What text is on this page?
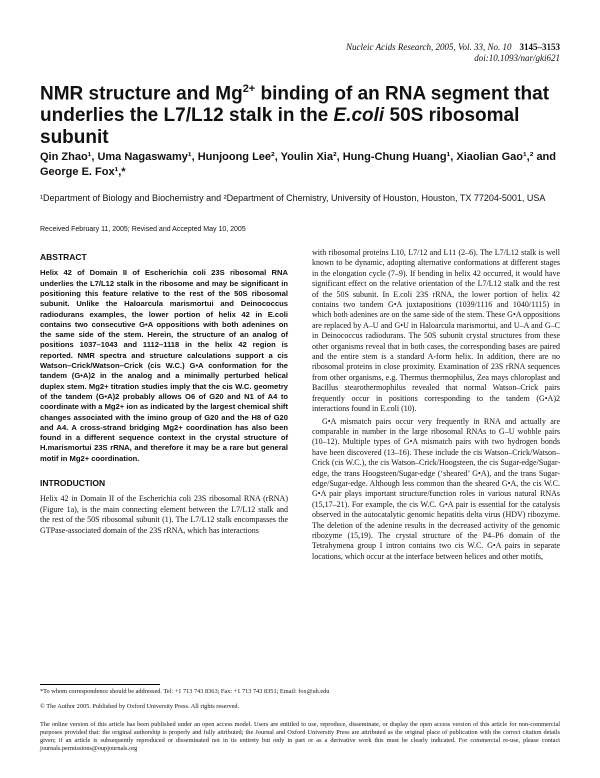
Nucleic Acids Research, 2005, Vol. 33, No. 10 3145–3153
doi:10.1093/nar/gki621
NMR structure and $Mg^{2+}$ binding of an RNA segment that underlies the L7/L12 stalk in the E.coli 50S ribosomal subunit
Qin Zhao¹, Uma Nagaswamy¹, Hunjoong Lee², Youlin Xia², Hung-Chung Huang¹, Xiaolian Gao¹,² and George E. Fox¹,*
¹Department of Biology and Biochemistry and ²Department of Chemistry, University of Houston, Houston, TX 77204-5001, USA
Received February 11, 2005; Revised and Accepted May 10, 2005
ABSTRACT
Helix 42 of Domain II of Escherichia coli 23S ribosomal RNA underlies the L7/L12 stalk in the ribosome and may be significant in positioning this feature relative to the rest of the 50S ribosomal subunit. Unlike the Haloarcula marismortui and Deinococcus radiodurans examples, the lower portion of helix 42 in E.coli contains two consecutive G•A oppositions with both adenines on the same side of the stem. Herein, the structure of an analog of positions 1037–1043 and 1112–1118 in the helix 42 region is reported. NMR spectra and structure calculations support a cis Watson–Crick/Watson–Crick (cis W.C.) G•A conformation for the tandem (G•A)2 in the analog and a minimally perturbed helical duplex stem. Mg2+ titration studies imply that the cis W.C. geometry of the tandem (G•A)2 probably allows O6 of G20 and N1 of A4 to coordinate with a Mg2+ ion as indicated by the largest chemical shift changes associated with the imino group of G20 and the H8 of G20 and A4. A cross-strand bridging Mg2+ coordination has also been found in a different sequence context in the crystal structure of H.marismortui 23S rRNA, and therefore it may be a rare but general motif in Mg2+ coordination.
INTRODUCTION
Helix 42 in Domain II of the Escherichia coli 23S ribosomal RNA (rRNA) (Figure 1a), is the main connecting element between the L7/L12 stalk and the rest of the 50S ribosomal subunit (1). The L7/L12 stalk encompasses the GTPase-associated domain of the 23S rRNA, which has interactions

with ribosomal proteins L10, L7/12 and L11 (2–6). The L7/L12 stalk is well known to be dynamic, adopting alternative conformations at different stages in the elongation cycle (7–9). If bending in helix 42 occurred, it would have significant effect on the relative orientation of the L7/L12 stalk and the rest of the 50S subunit. In E.coli 23S rRNA, the lower portion of helix 42 contains two tandem G•A juxtapositions (1039/1116 and 1040/1115) in which both adenines are on the same side of the stem. These G•A oppositions are replaced by A–U and G•U in Haloarcula marismortui, and U–A and G–C in Deinococcus radiodurans. The 50S subunit crystal structures from these other organisms reveal that in both cases, the corresponding bases are paired and the entire stem is a standard A-form helix. In addition, there are no ribosomal proteins in close proximity. Examination of 23S rRNA sequences from other organisms, e.g. Thermus thermophilus, Zea mays chloroplast and Bacillus stearothermophilus revealed that normal Watson–Crick pairs frequently occur in positions corresponding to the tandem (G•A)2 interactions found in E.coli (10).

G•A mismatch pairs occur very frequently in RNA and actually are comparable in number in the large ribosomal RNAs to G–U wobble pairs (10–12). Multiple types of G•A mismatch pairs with two hydrogen bonds have been discovered (13–16). These include the cis Watson–Crick/Watson–Crick (cis W.C.), the cis Watson–Crick/Hoogsteen, the cis Sugar-edge/Sugar-edge, the trans Hoogsteen/Sugar-edge (‘sheared’ G•A), and the trans Sugar-edge/Sugar-edge. Although less common than the sheared G•A, the cis W.C. G•A pair plays important structure/function roles in various natural RNAs (15,17–21). For example, the cis W.C. G•A pair is essential for the catalysis observed in the autocatalytic genomic hepatitis delta virus (HDV) ribozyme. The deletion of the adenine results in the decreased activity of the genomic ribozyme (15,19). The crystal structure of the P4–P6 domain of the Tetrahymena group I intron contains two cis W.C. G•A pairs in separate locations, which occur at the interface between helices and other motifs,

*To whom correspondence should be addressed. Tel: +1 713 743 8363; Fax: +1 713 743 8351; Email: fox@uh.edu
© The Author 2005. Published by Oxford University Press. All rights reserved.
The online version of this article has been published under an open access model. Users are entitled to use, reproduce, disseminate, or display the open access version of this article for non-commercial purposes provided that: the original authorship is properly and fully attributed; the Journal and Oxford University Press are attributed as the original place of publication with the correct citation details given; if an article is subsequently reproduced or disseminated not in its entirety but only in part or as a derivative work this must be clearly indicated. For commercial re-use, please contact journals.permissions@oupjournals.org
